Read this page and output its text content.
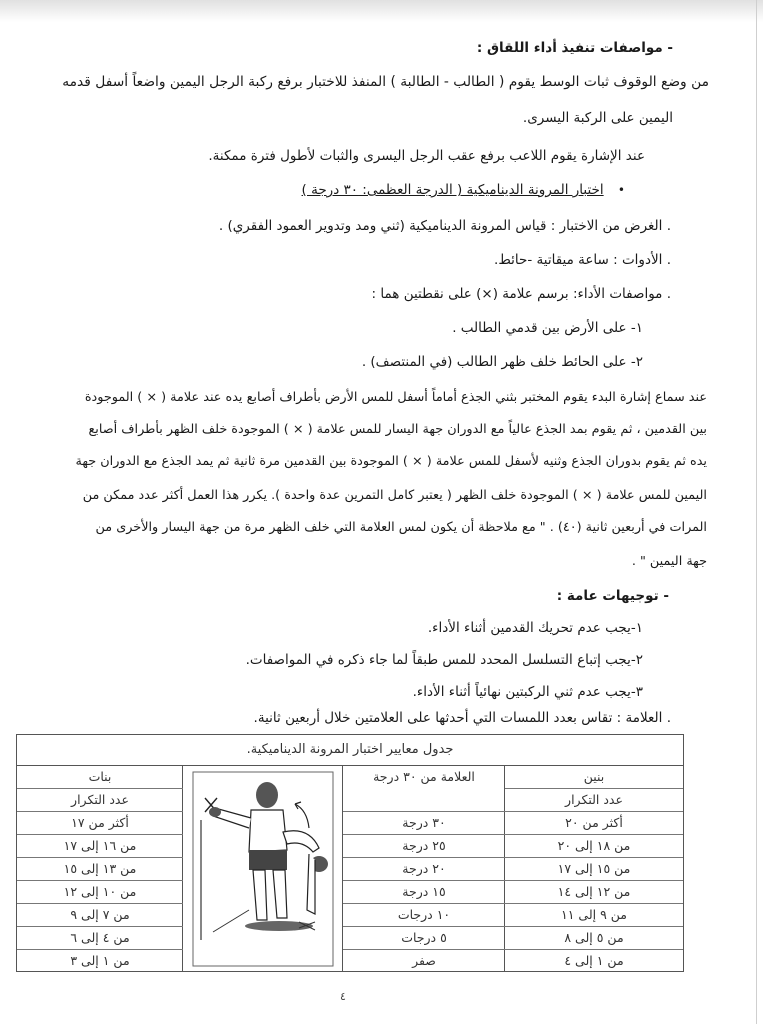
- مواصفات تنفيذ أداء اللقاق :
من وضع الوقوف ثبات الوسط يقوم ( الطالب - الطالبة ) المنفذ للاختبار برفع ركبة الرجل اليمين واضعاً أسفل قدمه
اليمين على الركبة اليسرى.
عند الإشارة يقوم اللاعب برفع عقب الرجل اليسرى والثبات لأطول فترة ممكنة.
• اختبار المرونة الديناميكية ( الدرجة العظمى: ٣٠ درجة )
. الغرض من الاختبار : قياس المرونة الديناميكية (ثني ومد وتدوير العمود الفقري) .
. الأدوات : ساعة ميقاتية -حائط.
. مواصفات الأداء: برسم علامة (×) على نقطتين هما :
١- على الأرض بين قدمي الطالب .
٢- على الحائط خلف ظهر الطالب (في المنتصف) .
عند سماع إشارة البدء يقوم المختبر بثني الجذع أماماً أسفل للمس الأرض بأطراف أصابع يده عند علامة ( × ) الموجودة
بين القدمين ، ثم يقوم بمد الجذع عالياً مع الدوران جهة اليسار للمس علامة ( × ) الموجودة خلف الظهر بأطراف أصابع
يده ثم يقوم بدوران الجذع وثنيه لأسفل للمس علامة ( × ) الموجودة بين القدمين مرة ثانية ثم يمد الجذع مع الدوران جهة
اليمين للمس علامة ( × ) الموجودة خلف الظهر ( يعتبر كامل التمرين عدة واحدة ). يكرر هذا العمل أكثر عدد ممكن من
المرات في أربعين ثانية (٤٠) . " مع ملاحظة أن يكون لمس العلامة التي خلف الظهر مرة من جهة اليسار والأخرى من
جهة اليمين " .
- توجيهات عامة :
١-يجب عدم تحريك القدمين أثناء الأداء.
٢-يجب إتباع التسلسل المحدد للمس طبقاً لما جاء ذكره في المواصفات.
٣-يجب عدم ثني الركبتين نهائياً أثناء الأداء.
. العلامة : تقاس بعدد اللمسات التي أحدثها على العلامتين خلال أربعين ثانية.
جدول معايير اختبار المرونة الديناميكية.
بنين
عدد التكرار
أكثر من ٢٠
من ١٨ إلى ٢٠
من ١٥ إلى ١٧
من ١٢ إلى ١٤
من ٩ إلى ١١
من ٥ إلى ٨
من ١ إلى ٤
العلامة من ٣٠ درجة
٣٠ درجة
٢٥ درجة
٢٠ درجة
١٥ درجة
١٠ درجات
٥ درجات
صفر
بنات
عدد التكرار
أكثر من ١٧
من ١٦ إلى ١٧
من ١٣ إلى ١٥
من ١٠ إلى ١٢
من ٧ إلى ٩
من ٤ إلى ٦
من ١ إلى ٣
٤
